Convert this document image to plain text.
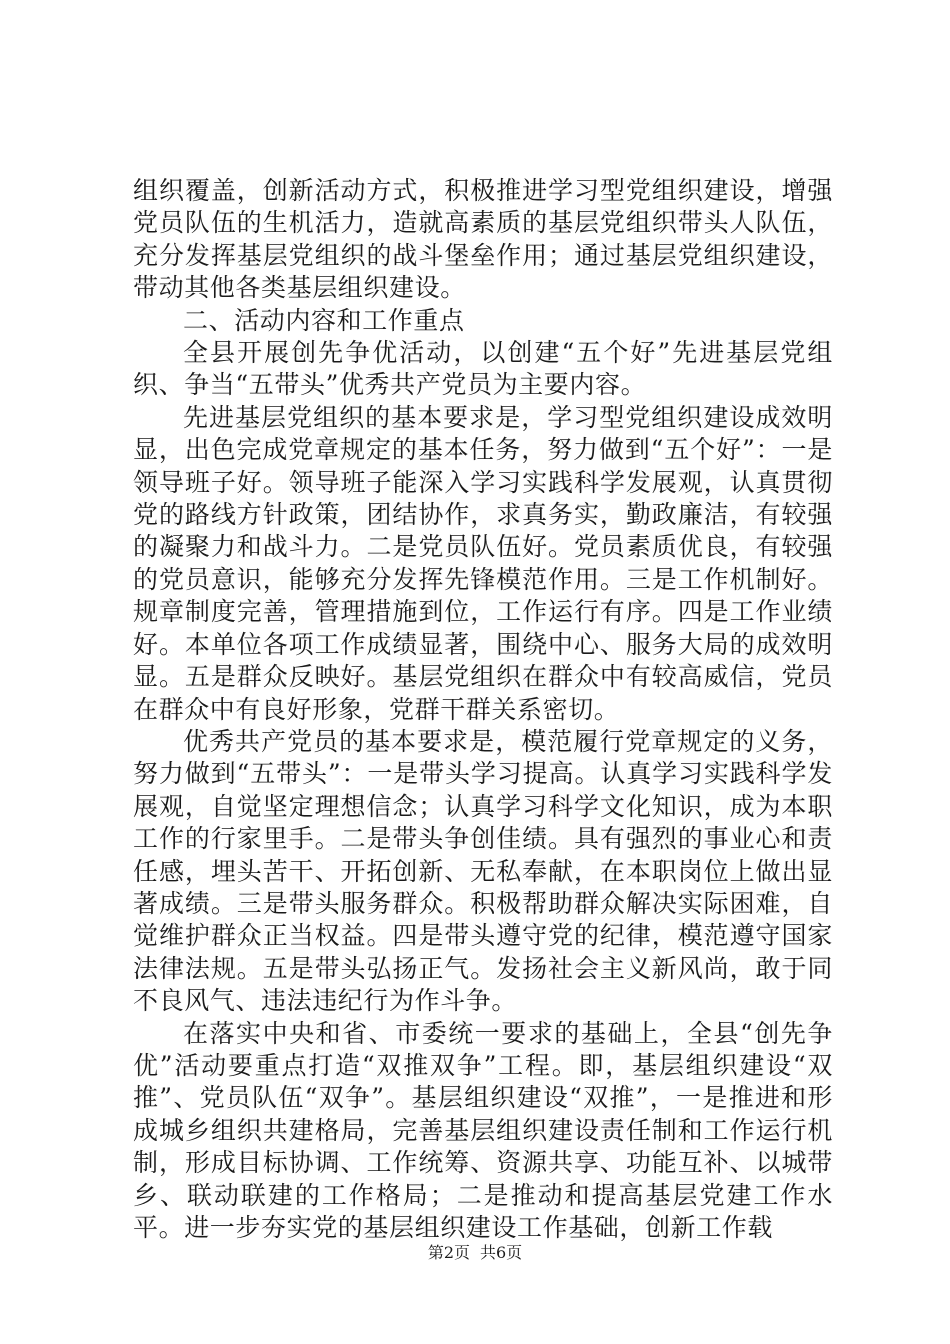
组织覆盖，创新活动方式，积极推进学习型党组织建设，增强党员队伍的生机活力，造就高素质的基层党组织带头人队伍，充分发挥基层党组织的战斗堡垒作用；通过基层党组织建设，带动其他各类基层组织建设。

二、活动内容和工作重点

全县开展创先争优活动，以创建“五个好”先进基层党组织、争当“五带头”优秀共产党员为主要内容。

先进基层党组织的基本要求是，学习型党组织建设成效明显，出色完成党章规定的基本任务，努力做到“五个好”：一是领导班子好。领导班子能深入学习实践科学发展观，认真贯彻党的路线方针政策，团结协作，求真务实，勤政廉洁，有较强的凝聚力和战斗力。二是党员队伍好。党员素质优良，有较强的党员意识，能够充分发挥先锋模范作用。三是工作机制好。规章制度完善，管理措施到位，工作运行有序。四是工作业绩好。本单位各项工作成绩显著，围绕中心、服务大局的成效明显。五是群众反映好。基层党组织在群众中有较高威信，党员在群众中有良好形象，党群干群关系密切。

优秀共产党员的基本要求是，模范履行党章规定的义务，努力做到“五带头”：一是带头学习提高。认真学习实践科学发展观，自觉坚定理想信念；认真学习科学文化知识，成为本职工作的行家里手。二是带头争创佳绩。具有强烈的事业心和责任感，埋头苦干、开拓创新、无私奉献，在本职岗位上做出显著成绩。三是带头服务群众。积极帮助群众解决实际困难，自觉维护群众正当权益。四是带头遵守党的纪律，模范遵守国家法律法规。五是带头弘扬正气。发扬社会主义新风尚，敢于同不良风气、违法违纪行为作斗争。

在落实中央和省、市委统一要求的基础上，全县“创先争优”活动要重点打造“双推双争”工程。即，基层组织建设“双推”、党员队伍“双争”。基层组织建设“双推”，一是推进和形成城乡组织共建格局，完善基层组织建设责任制和工作运行机制，形成目标协调、工作统筹、资源共享、功能互补、以城带乡、联动联建的工作格局；二是推动和提高基层党建工作水平。进一步夯实党的基层组织建设工作基础，创新工作载

第2页 共6页
